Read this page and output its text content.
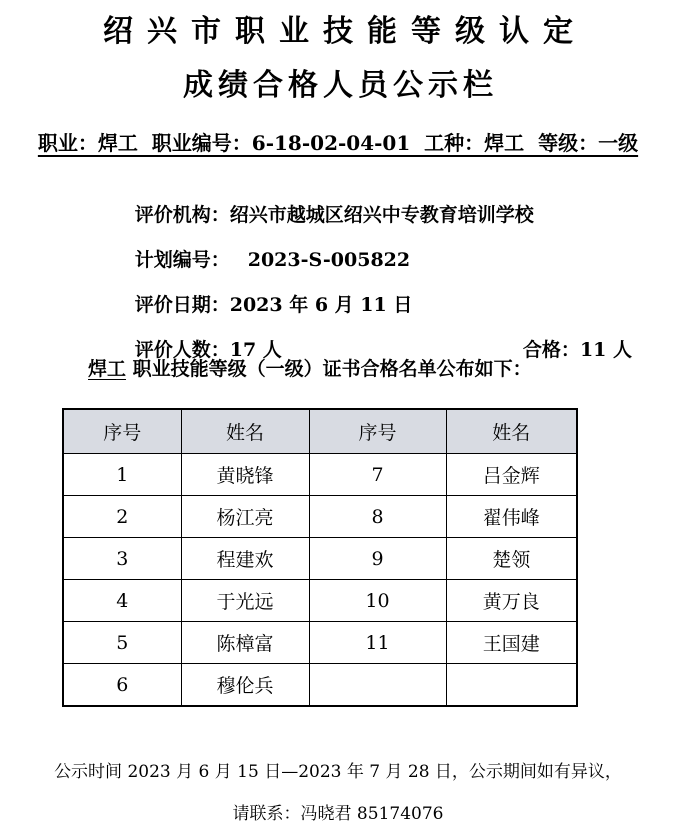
绍兴市职业技能等级认定
成绩合格人员公示栏
职业：焊工  职业编号：6-18-02-04-01  工种：焊工  等级：一级

评价机构：绍兴市越城区绍兴中专教育培训学校

计划编号： 2023-S-005822

评价日期：2023 年 6 月 11 日

评价人数：17 人
	合格：11 人

焊工 职业技能等级（一级）证书合格名单公布如下：
序号	姓名	序号	姓名
1	黄晓锋	7	吕金辉
2	杨江亮	8	翟伟峰
3	程建欢	9	楚领
4	于光远	10	黄万良
5	陈樟富	11	王国建
6	穆伦兵		

公示时间 2023 月 6 月 15 日—2023 年 7 月 28 日，公示期间如有异议，

请联系：冯晓君 85174076
